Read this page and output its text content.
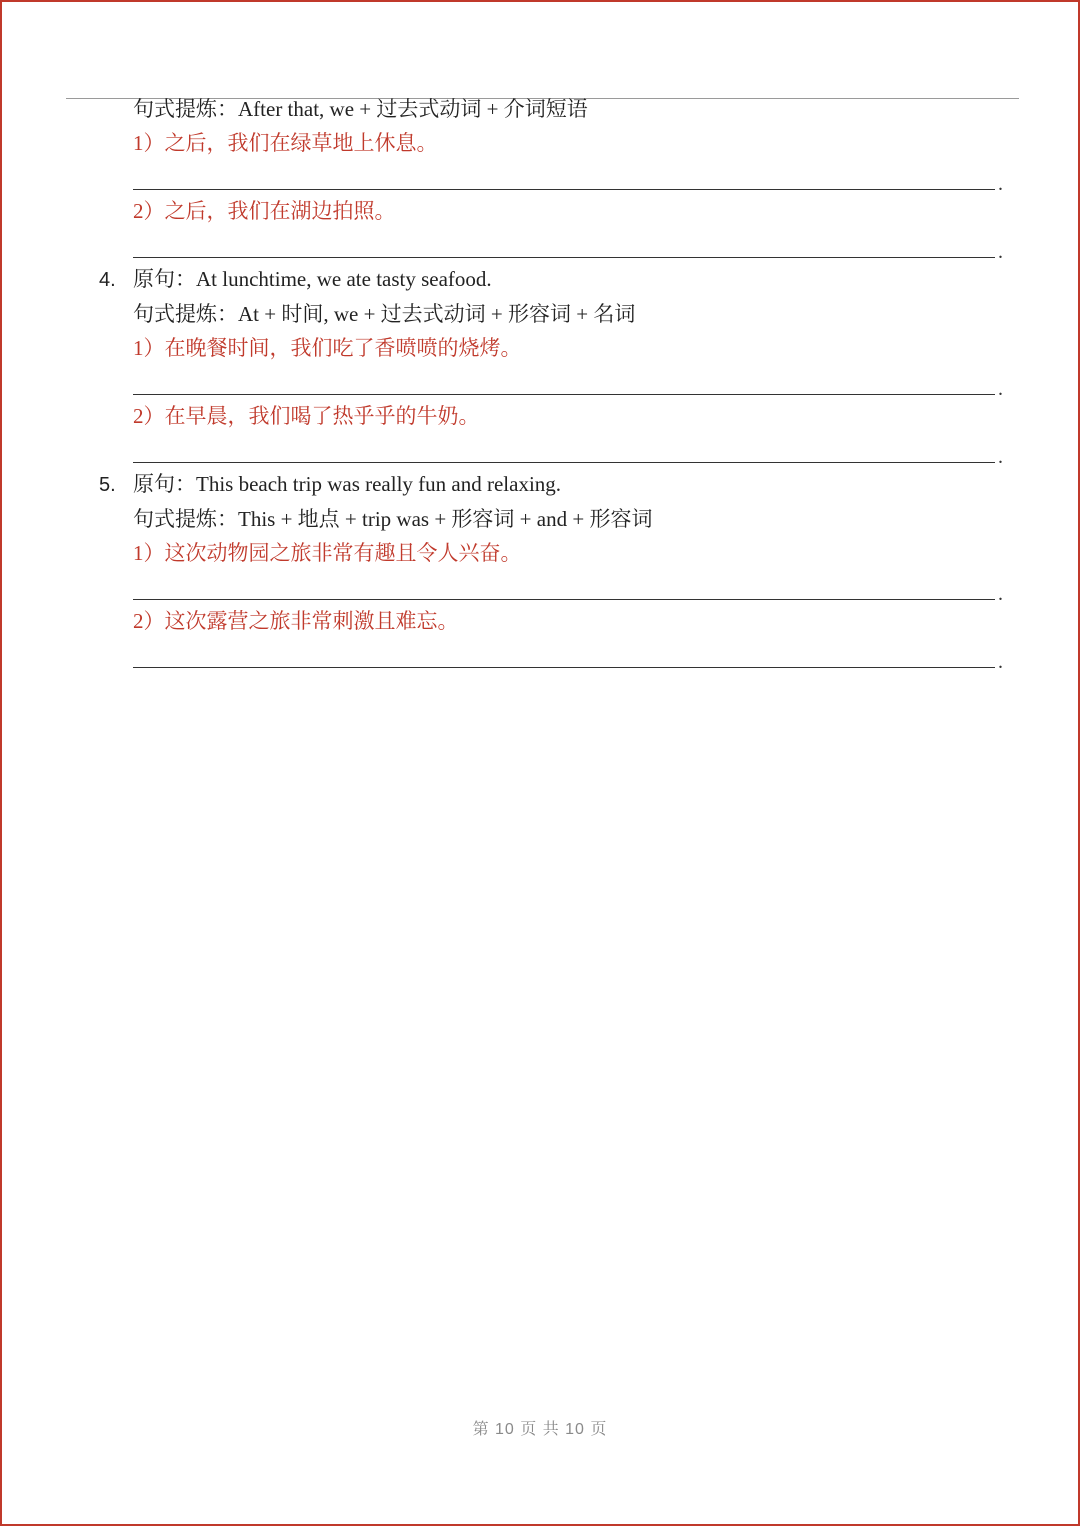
句式提炼：After that, we + 过去式动词 + 介词短语
1）之后，我们在绿草地上休息。
.
2）之后，我们在湖边拍照。
.
4. 原句：At lunchtime, we ate tasty seafood.
句式提炼：At + 时间, we + 过去式动词 + 形容词 + 名词
1）在晚餐时间，我们吃了香喷喷的烧烤。
.
2）在早晨，我们喝了热乎乎的牛奶。
.
5. 原句：This beach trip was really fun and relaxing.
句式提炼：This + 地点 + trip was + 形容词 + and + 形容词
1）这次动物园之旅非常有趣且令人兴奋。
.
2）这次露营之旅非常刺激且难忘。
.
第 10 页 共 10 页
